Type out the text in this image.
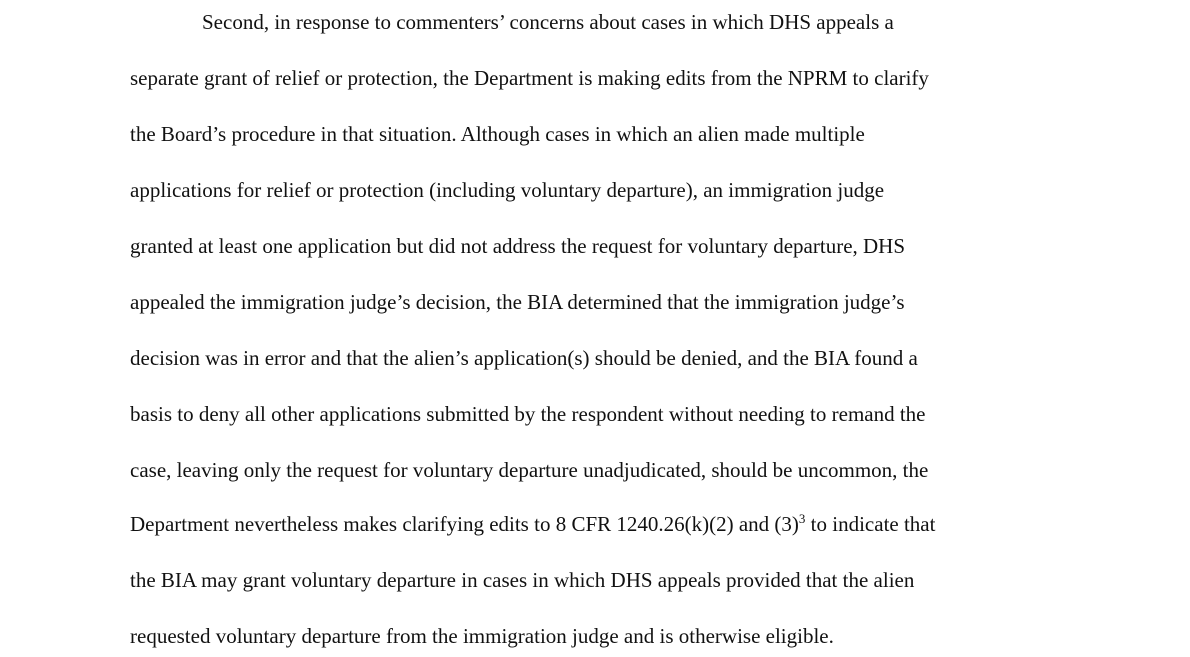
Second, in response to commenters’ concerns about cases in which DHS appeals a
separate grant of relief or protection, the Department is making edits from the NPRM to clarify
the Board’s procedure in that situation. Although cases in which an alien made multiple
applications for relief or protection (including voluntary departure), an immigration judge
granted at least one application but did not address the request for voluntary departure, DHS
appealed the immigration judge’s decision, the BIA determined that the immigration judge’s
decision was in error and that the alien’s application(s) should be denied, and the BIA found a
basis to deny all other applications submitted by the respondent without needing to remand the
case, leaving only the request for voluntary departure unadjudicated, should be uncommon, the
Department nevertheless makes clarifying edits to 8 CFR 1240.26(k)(2) and $(3)^3$ to indicate that
the BIA may grant voluntary departure in cases in which DHS appeals provided that the alien
requested voluntary departure from the immigration judge and is otherwise eligible.
